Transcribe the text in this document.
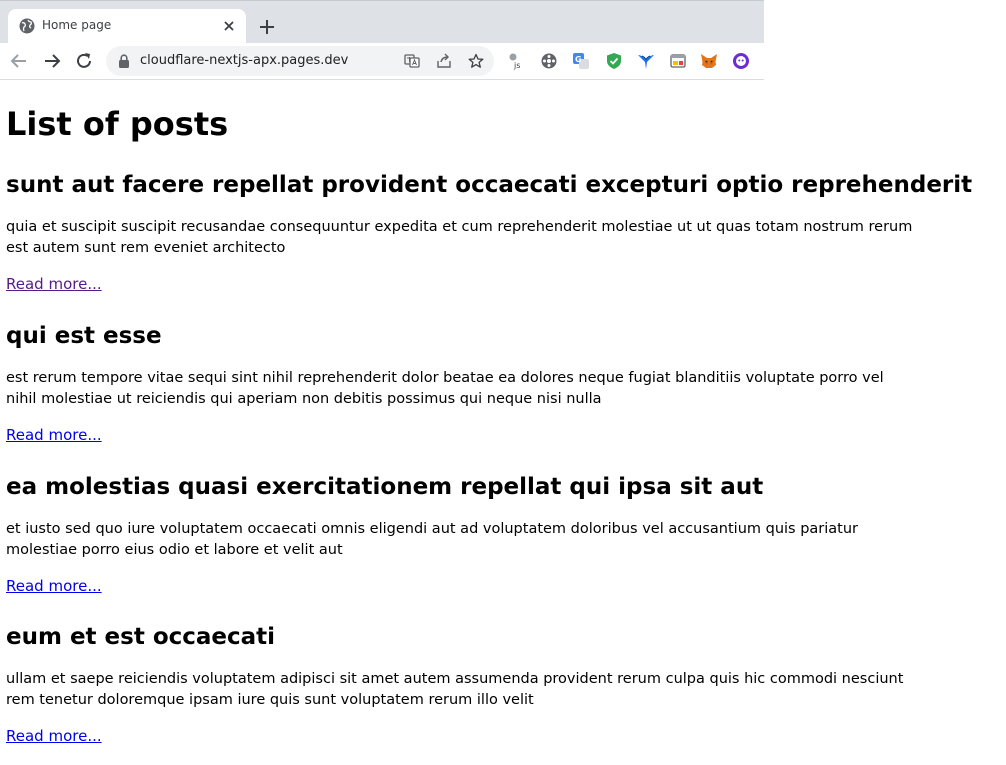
Home page
cloudflare-nextjs-apx.pages.dev	js
G
List of posts
sunt aut facere repellat provident occaecati excepturi optio reprehenderit

quia et suscipit suscipit recusandae consequuntur expedita et cum reprehenderit molestiae ut ut quas totam nostrum rerum
est autem sunt rem eveniet architecto

Read more...
qui est esse

est rerum tempore vitae sequi sint nihil reprehenderit dolor beatae ea dolores neque fugiat blanditiis voluptate porro vel
nihil molestiae ut reiciendis qui aperiam non debitis possimus qui neque nisi nulla

Read more...
ea molestias quasi exercitationem repellat qui ipsa sit aut

et iusto sed quo iure voluptatem occaecati omnis eligendi aut ad voluptatem doloribus vel accusantium quis pariatur
molestiae porro eius odio et labore et velit aut

Read more...
eum et est occaecati

ullam et saepe reiciendis voluptatem adipisci sit amet autem assumenda provident rerum culpa quis hic commodi nesciunt
rem tenetur doloremque ipsam iure quis sunt voluptatem rerum illo velit

Read more...
